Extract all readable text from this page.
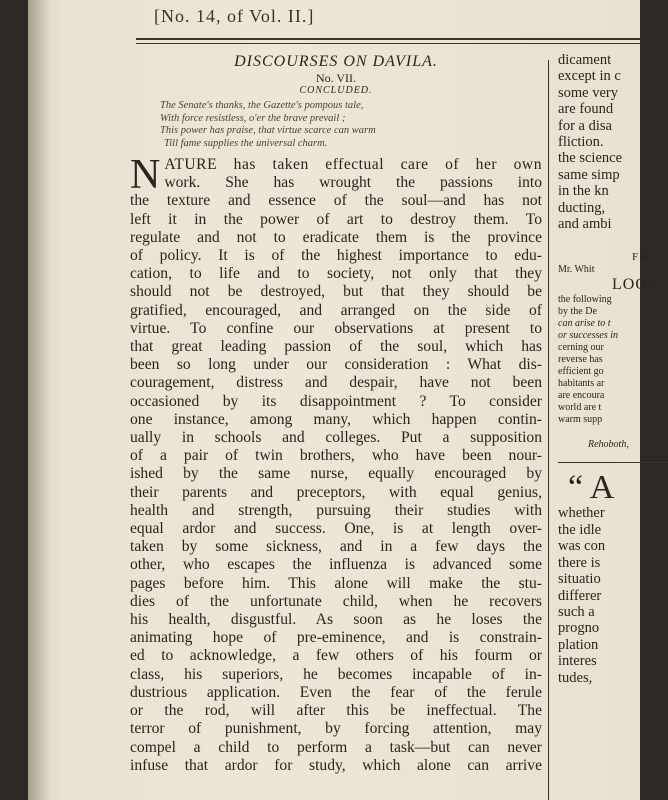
[No. 14, of Vol. II.]

DISCOURSES ON DAVILA.

No. VII.

CONCLUDED.

The Senate's thanks, the Gazette's pompous tale,
With force resistless, o'er the brave prevail ;
This power has praise, that virtue scarce can warm
Till fame supplies the universal charm.
N ATURE has taken effectual care of her own
work. She has wrought the passions into
the texture and essence of the soul—and has not
left it in the power of art to destroy them. To
regulate and not to eradicate them is the province
of policy. It is of the highest importance to edu-
cation, to life and to society, not only that they
should not be destroyed, but that they should be
gratified, encouraged, and arranged on the side of
virtue. To confine our observations at present to
that great leading passion of the soul, which has
been so long under our consideration : What dis-
couragement, distress and despair, have not been
occasioned by its disappointment ? To consider
one instance, among many, which happen contin-
ually in schools and colleges. Put a supposition
of a pair of twin brothers, who have been nour-
ished by the same nurse, equally encouraged by
their parents and preceptors, with equal genius,
health and strength, pursuing their studies with
equal ardor and success. One, is at length over-
taken by some sickness, and in a few days the
other, who escapes the influenza is advanced some
pages before him. This alone will make the stu-
dies of the unfortunate child, when he recovers
his health, disgustful. As soon as he loses the
animating hope of pre-eminence, and is constrain-
ed to acknowledge, a few others of his fourm or
class, his superiors, he becomes incapable of in-
dustrious application. Even the fear of the ferule
or the rod, will after this be ineffectual. The
terror of punishment, by forcing attention, may
compel a child to perform a task—but can never
infuse that ardor for study, which alone can arrive
dicament
except in c
some very
are found
for a disa
fliction.
the science
same simp
in the kn
ducting,
and ambi
FR
Mr. Whit
LOOK
the following
by the De
can arise to t
or successes in
cerning our
reverse has
efficient go
habitants ar
are encoura
world are t
warm supp
Rehoboth,
“ A
whether
the idle
was con
there is
situatio
differer
such a
progno
plation
interes
tudes,
